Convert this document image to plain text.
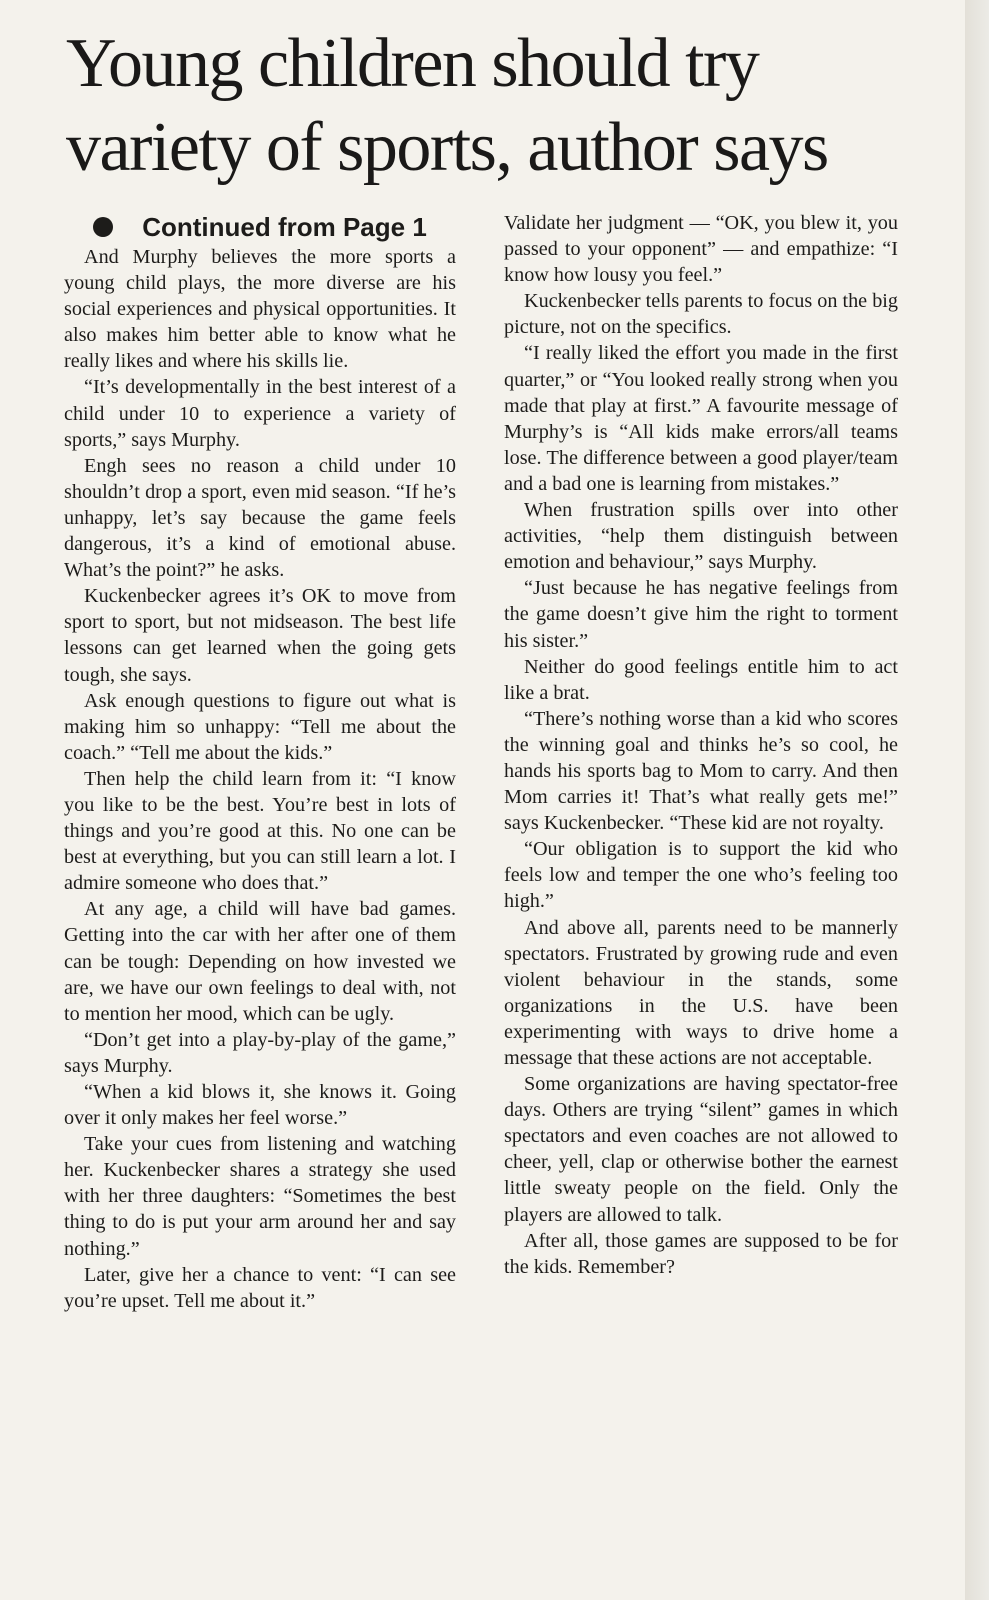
Young children should try variety of sports, author says

Continued from Page 1

And Murphy believes the more sports a young child plays, the more diverse are his social experiences and physical opportunities. It also makes him better able to know what he really likes and where his skills lie.

“It’s developmentally in the best interest of a child under 10 to experience a variety of sports,” says Murphy.

Engh sees no reason a child under 10 shouldn’t drop a sport, even mid season. “If he’s unhappy, let’s say because the game feels dangerous, it’s a kind of emotional abuse. What’s the point?” he asks.

Kuckenbecker agrees it’s OK to move from sport to sport, but not midseason. The best life lessons can get learned when the going gets tough, she says.

Ask enough questions to figure out what is making him so unhappy: “Tell me about the coach.” “Tell me about the kids.”

Then help the child learn from it: “I know you like to be the best. You’re best in lots of things and you’re good at this. No one can be best at everything, but you can still learn a lot. I admire someone who does that.”

At any age, a child will have bad games. Getting into the car with her after one of them can be tough: Depending on how invested we are, we have our own feelings to deal with, not to mention her mood, which can be ugly.

“Don’t get into a play-by-play of the game,” says Murphy.

“When a kid blows it, she knows it. Going over it only makes her feel worse.”

Take your cues from listening and watching her. Kuckenbecker shares a strategy she used with her three daughters: “Sometimes the best thing to do is put your arm around her and say nothing.”

Later, give her a chance to vent: “I can see you’re upset. Tell me about it.”

Validate her judgment — “OK, you blew it, you passed to your opponent” — and empathize: “I know how lousy you feel.”

Kuckenbecker tells parents to focus on the big picture, not on the specifics.

“I really liked the effort you made in the first quarter,” or “You looked really strong when you made that play at first.” A favourite message of Murphy’s is “All kids make errors/all teams lose. The difference between a good player/team and a bad one is learning from mistakes.”

When frustration spills over into other activities, “help them distinguish between emotion and behaviour,” says Murphy.

“Just because he has negative feelings from the game doesn’t give him the right to torment his sister.”

Neither do good feelings entitle him to act like a brat.

“There’s nothing worse than a kid who scores the winning goal and thinks he’s so cool, he hands his sports bag to Mom to carry. And then Mom carries it! That’s what really gets me!” says Kuckenbecker. “These kid are not royalty.

“Our obligation is to support the kid who feels low and temper the one who’s feeling too high.”

And above all, parents need to be mannerly spectators. Frustrated by growing rude and even violent behaviour in the stands, some organizations in the U.S. have been experimenting with ways to drive home a message that these actions are not acceptable.

Some organizations are having spectator-free days. Others are trying “silent” games in which spectators and even coaches are not allowed to cheer, yell, clap or otherwise bother the earnest little sweaty people on the field. Only the players are allowed to talk.

After all, those games are supposed to be for the kids. Remember?
